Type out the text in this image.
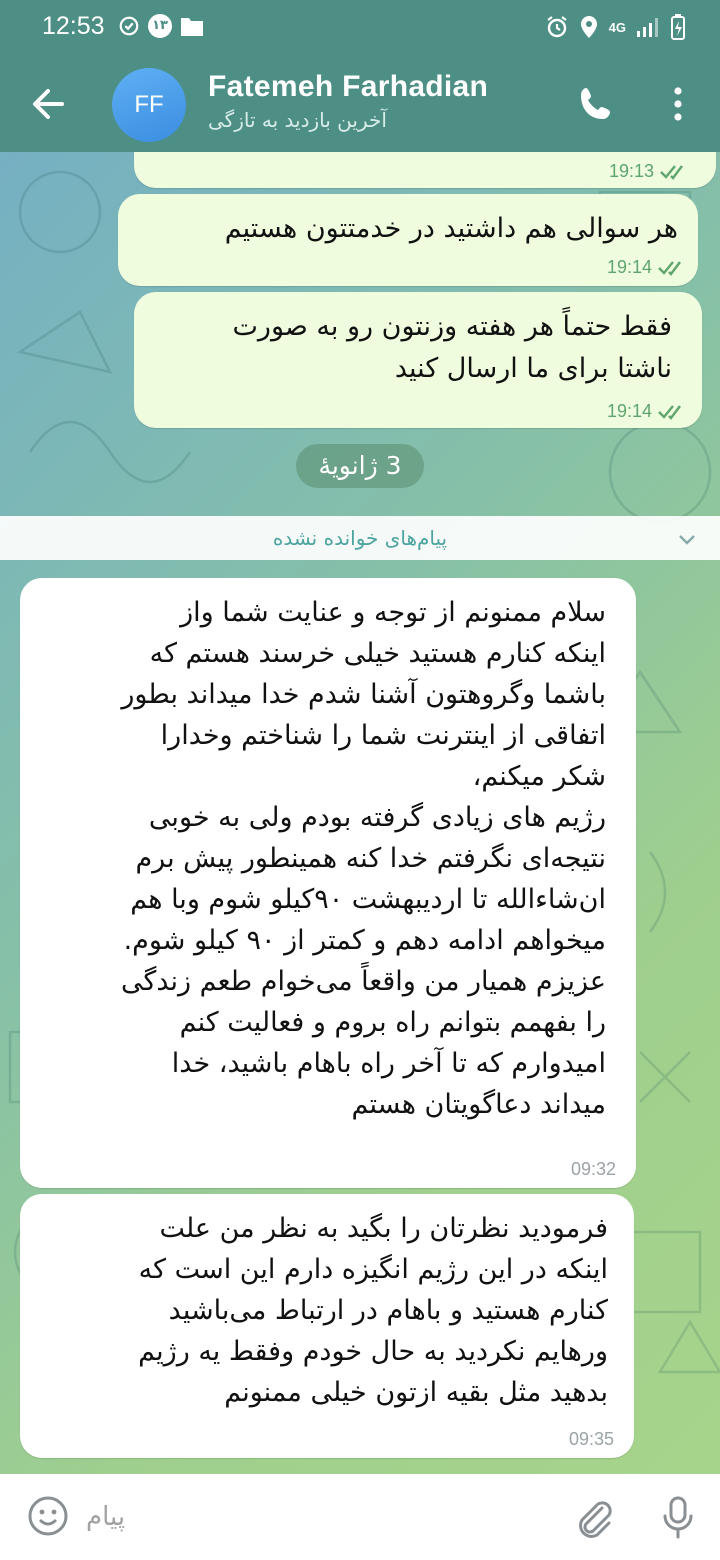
12:53	۱۳	4G
FF
Fatemeh Farhadian
آخرین بازدید به تازگی
19:13
هر سوالی هم داشتید در خدمتتون هستیم
19:14
فقط حتماً هر هفته وزنتون رو به صورت
ناشتا برای ما ارسال کنید
19:14
3 ژانویهٔ
پیام‌های خوانده نشده
سلام ممنونم از توجه و عنایت شما واز
اینکه کنارم هستید خیلی خرسند هستم که
باشما وگروهتون آشنا شدم خدا میداند بطور
اتفاقی از اینترنت شما را شناختم وخدارا
شکر میکنم،
رژیم های زیادی گرفته بودم ولی به خوبی
نتیجه‌ای نگرفتم خدا کنه همینطور پیش برم
ان‌شاءالله تا اردیبهشت ۹۰کیلو شوم وبا هم
میخواهم ادامه دهم و کمتر از ۹۰ کیلو شوم.
عزیزم همیار من واقعاً می‌خوام طعم زندگی
را بفهمم بتوانم راه بروم و فعالیت کنم
امیدوارم که تا آخر راه باهام باشید، خدا
میداند دعاگویتان هستم
09:32
فرمودید نظرتان را بگید به نظر من علت
اینکه در این رژیم انگیزه دارم این است که
کنارم هستید و باهام در ارتباط می‌باشید
ورهایم نکردید به حال خودم وفقط یه رژیم
بدهید مثل بقیه ازتون خیلی ممنونم
09:35
پیام
